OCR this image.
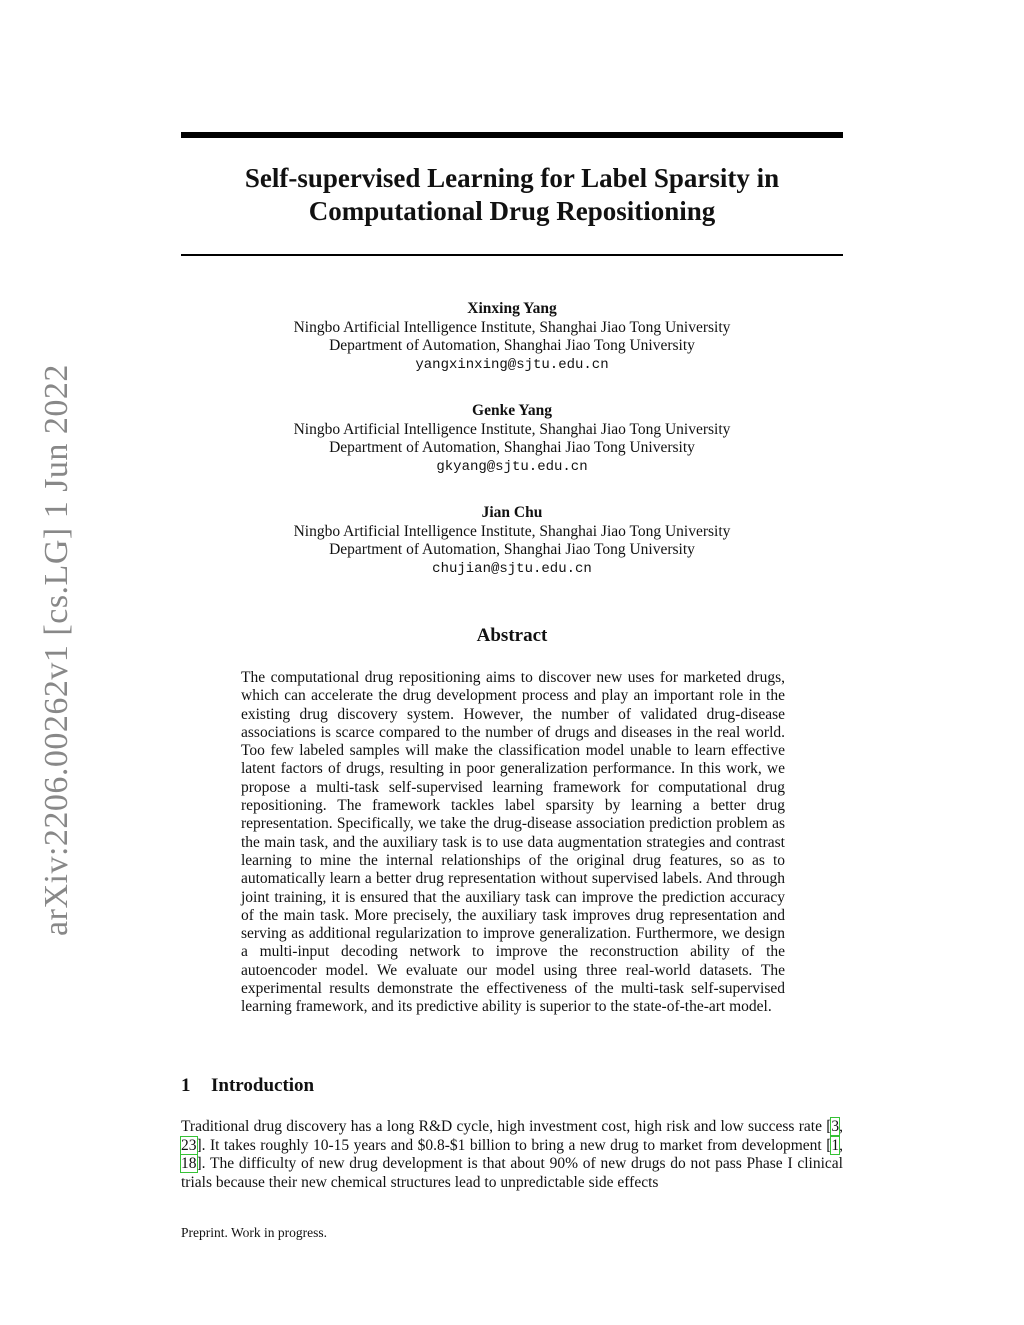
Self-supervised Learning for Label Sparsity in
Computational Drug Repositioning
arXiv:2206.00262v1 [cs.LG] 1 Jun 2022
Xinxing Yang
Ningbo Artificial Intelligence Institute, Shanghai Jiao Tong University
Department of Automation, Shanghai Jiao Tong University
yangxinxing@sjtu.edu.cn
Genke Yang
Ningbo Artificial Intelligence Institute, Shanghai Jiao Tong University
Department of Automation, Shanghai Jiao Tong University
gkyang@sjtu.edu.cn
Jian Chu
Ningbo Artificial Intelligence Institute, Shanghai Jiao Tong University
Department of Automation, Shanghai Jiao Tong University
chujian@sjtu.edu.cn
Abstract

The computational drug repositioning aims to discover new uses for marketed drugs, which can accelerate the drug development process and play an important role in the existing drug discovery system. However, the number of validated drug-disease associations is scarce compared to the number of drugs and diseases in the real world. Too few labeled samples will make the classification model unable to learn effective latent factors of drugs, resulting in poor generalization performance. In this work, we propose a multi-task self-supervised learning framework for computational drug repositioning. The framework tackles label sparsity by learning a better drug representation. Specifically, we take the drug-disease association prediction problem as the main task, and the auxiliary task is to use data augmentation strategies and contrast learning to mine the internal relationships of the original drug features, so as to automatically learn a better drug representation without supervised labels. And through joint training, it is ensured that the auxiliary task can improve the prediction accuracy of the main task. More precisely, the auxiliary task improves drug representation and serving as additional regularization to improve generalization. Furthermore, we design a multi-input decoding network to improve the reconstruction ability of the autoencoder model. We evaluate our model using three real-world datasets. The experimental results demonstrate the effectiveness of the multi-task self-supervised learning framework, and its predictive ability is superior to the state-of-the-art model.

1 Introduction

Traditional drug discovery has a long R&D cycle, high investment cost, high risk and low success rate [3, 23]. It takes roughly 10-15 years and $0.8-$1 billion to bring a new drug to market from development [1, 18]. The difficulty of new drug development is that about 90% of new drugs do not pass Phase I clinical trials because their new chemical structures lead to unpredictable side effects

Preprint. Work in progress.
